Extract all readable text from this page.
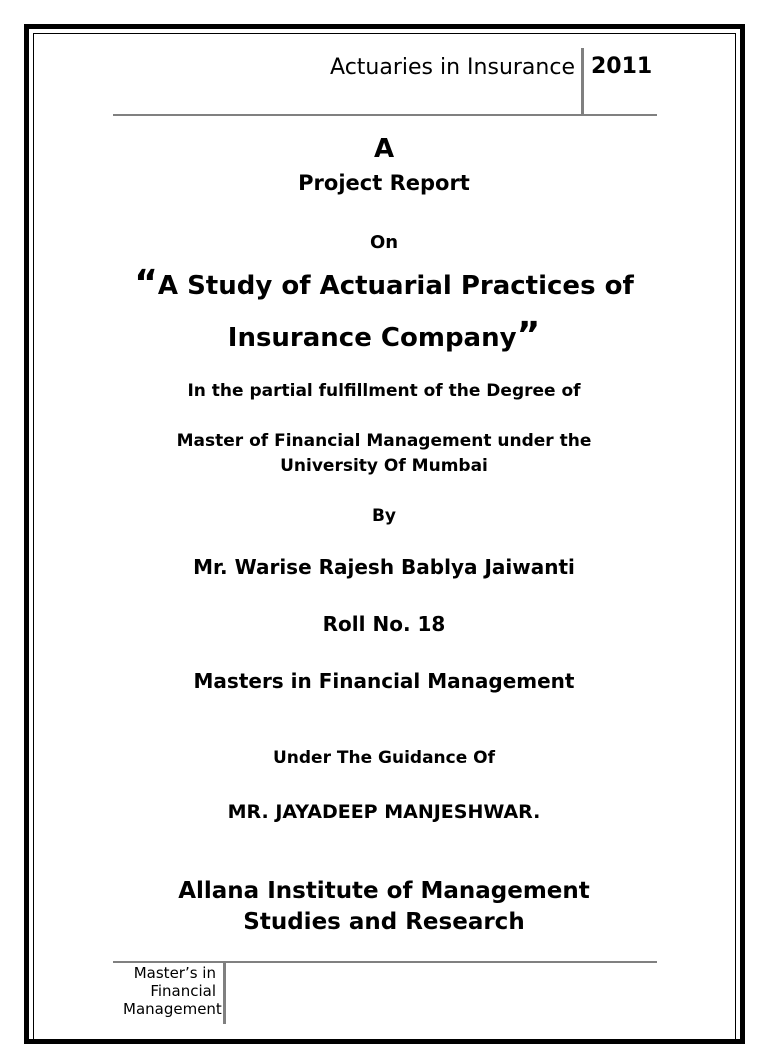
Actuaries in Insurance 2011
A
Project Report
On
“A Study of Actuarial Practices of
Insurance Company”
In the partial fulfillment of the Degree of
Master of Financial Management under the
University Of Mumbai
By
Mr. Warise Rajesh Bablya Jaiwanti
Roll No. 18
Masters in Financial Management
Under The Guidance Of
MR. JAYADEEP MANJESHWAR.
Allana Institute of Management
Studies and Research
Master’s in Financial Management
